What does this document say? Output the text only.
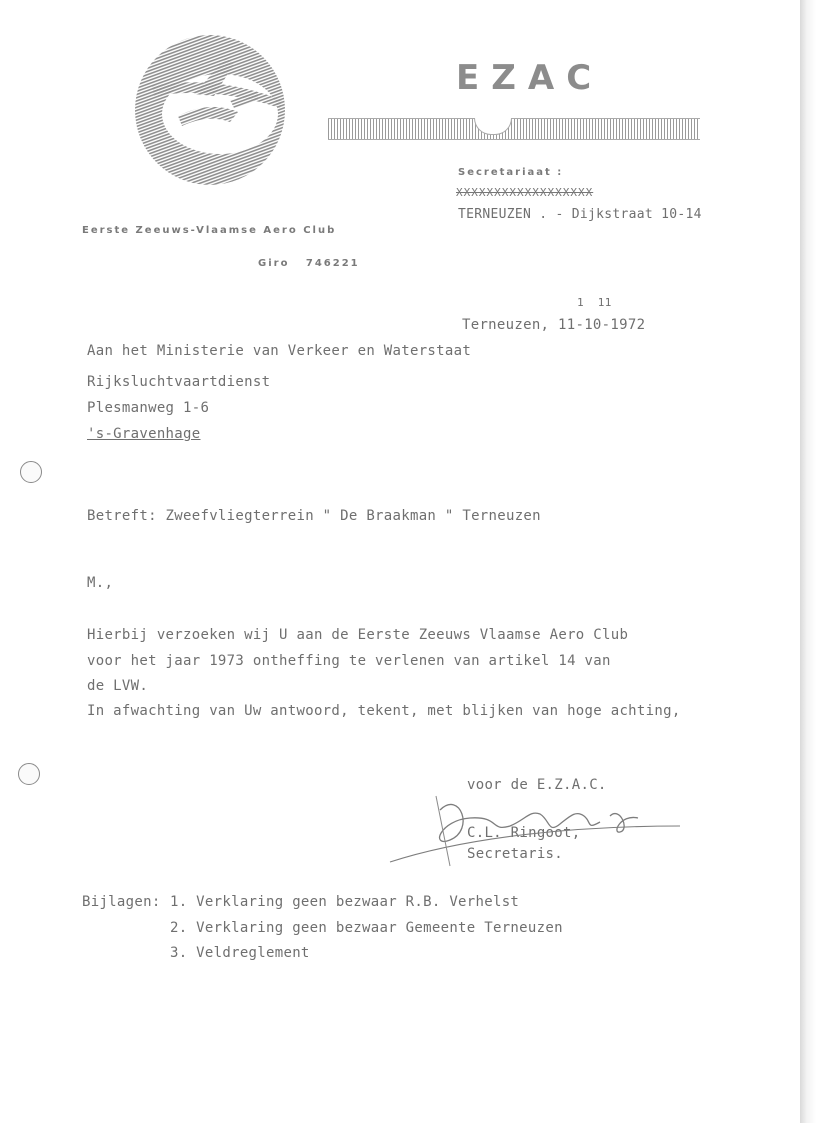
EZAC
Secretariaat :
XXXXXXXXXXXXXXXXXX
TERNEUZEN . - Dijkstraat 10-14
Eerste Zeeuws-Vlaamse Aero Club
Giro   746221
1  11
Terneuzen, 11-10-1972
Aan het Ministerie van Verkeer en Waterstaat
Rijksluchtvaartdienst
Plesmanweg 1-6
's-Gravenhage
Betreft: Zweefvliegterrein " De Braakman " Terneuzen
M.,
Hierbij verzoeken wij U aan de Eerste Zeeuws Vlaamse Aero Club
voor het jaar 1973 ontheffing te verlenen van artikel 14 van
de LVW.
In afwachting van Uw antwoord, tekent, met blijken van hoge achting,
voor de E.Z.A.C.
C.L. Ringoot,
Secretaris.
Bijlagen: 1. Verklaring geen bezwaar R.B. Verhelst
2. Verklaring geen bezwaar Gemeente Terneuzen
3. Veldreglement
